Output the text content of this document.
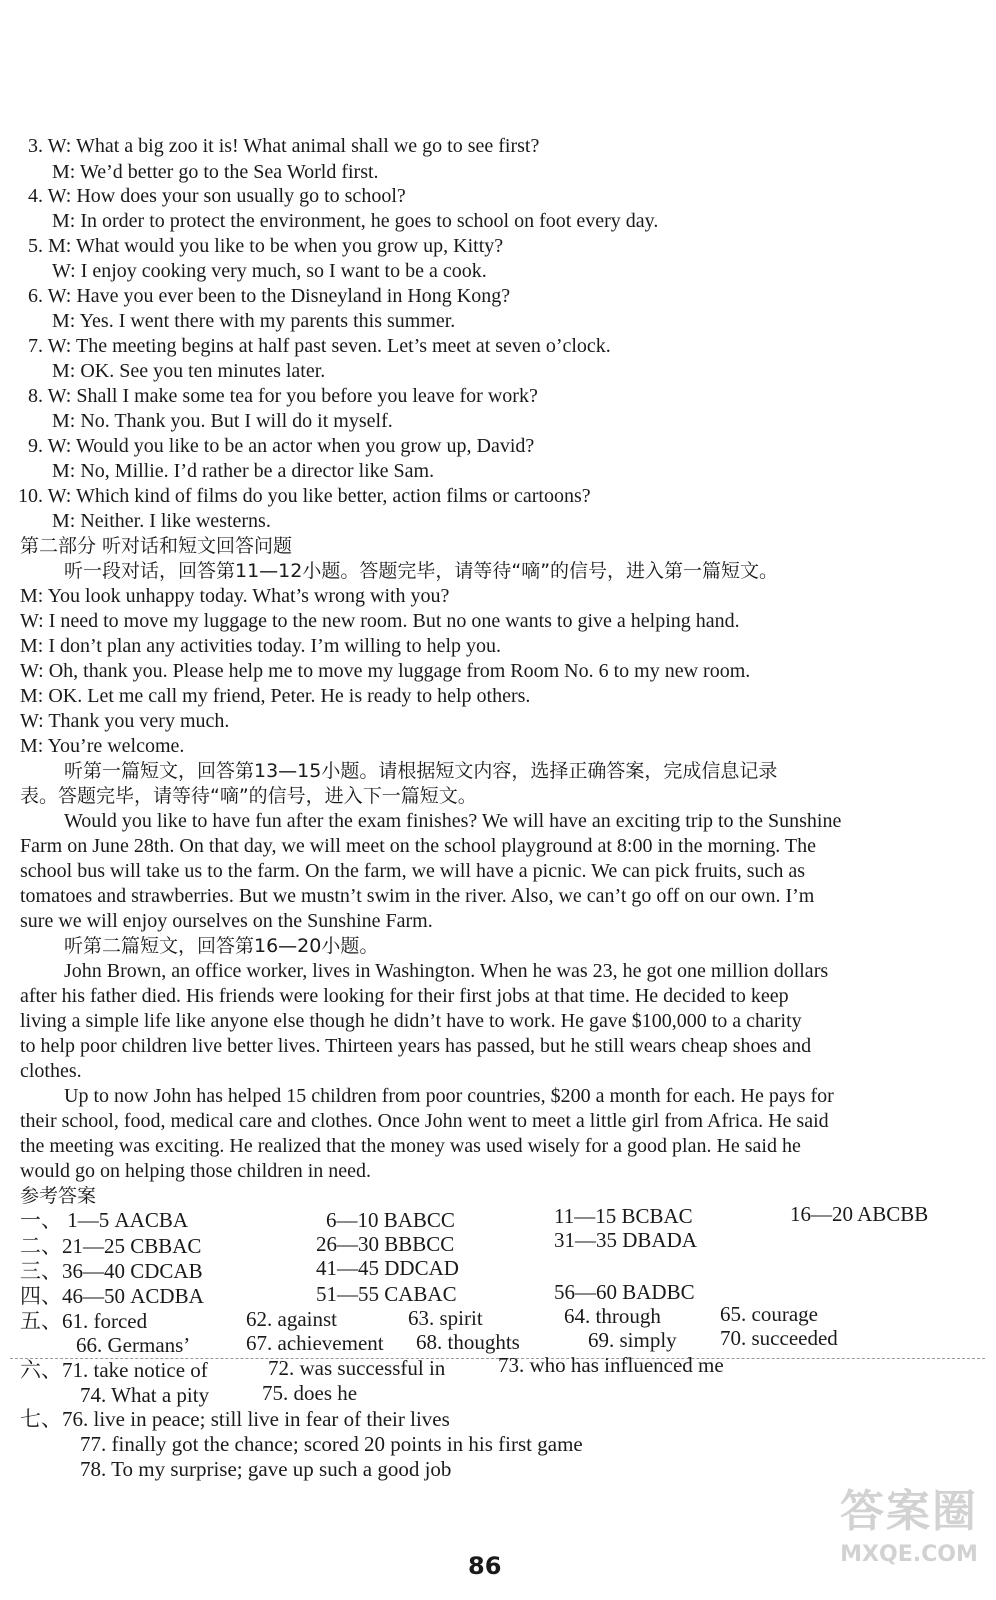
3. W: What a big zoo it is! What animal shall we go to see first?
M: We’d better go to the Sea World first.
4. W: How does your son usually go to school?
M: In order to protect the environment, he goes to school on foot every day.
5. M: What would you like to be when you grow up, Kitty?
W: I enjoy cooking very much, so I want to be a cook.
6. W: Have you ever been to the Disneyland in Hong Kong?
M: Yes. I went there with my parents this summer.
7. W: The meeting begins at half past seven. Let’s meet at seven o’clock.
M: OK. See you ten minutes later.
8. W: Shall I make some tea for you before you leave for work?
M: No. Thank you. But I will do it myself.
9. W: Would you like to be an actor when you grow up, David?
M: No, Millie. I’d rather be a director like Sam.
10. W: Which kind of films do you like better, action films or cartoons?
M: Neither. I like westerns.
第二部分 听对话和短文回答问题
听一段对话，回答第11—12小题。答题完毕，请等待“嘀”的信号，进入第一篇短文。
M: You look unhappy today. What’s wrong with you?
W: I need to move my luggage to the new room. But no one wants to give a helping hand.
M: I don’t plan any activities today. I’m willing to help you.
W: Oh, thank you. Please help me to move my luggage from Room No. 6 to my new room.
M: OK. Let me call my friend, Peter. He is ready to help others.
W: Thank you very much.
M: You’re welcome.
听第一篇短文，回答第13—15小题。请根据短文内容，选择正确答案，完成信息记录
表。答题完毕，请等待“嘀”的信号，进入下一篇短文。
Would you like to have fun after the exam finishes? We will have an exciting trip to the Sunshine
Farm on June 28th. On that day, we will meet on the school playground at 8:00 in the morning. The
school bus will take us to the farm. On the farm, we will have a picnic. We can pick fruits, such as
tomatoes and strawberries. But we mustn’t swim in the river. Also, we can’t go off on our own. I’m
sure we will enjoy ourselves on the Sunshine Farm.
听第二篇短文，回答第16—20小题。
John Brown, an office worker, lives in Washington. When he was 23, he got one million dollars
after his father died. His friends were looking for their first jobs at that time. He decided to keep
living a simple life like anyone else though he didn’t have to work. He gave $100,000 to a charity
to help poor children live better lives. Thirteen years has passed, but he still wears cheap shoes and
clothes.
Up to now John has helped 15 children from poor countries, $200 a month for each. He pays for
their school, food, medical care and clothes. Once John went to meet a little girl from Africa. He said
the meeting was exciting. He realized that the money was used wisely for a good plan. He said he
would go on helping those children in need.
参考答案
一、 1—5 AACBA	6—10 BABCC	11—15 BCBAC	16—20 ABCBB
二、21—25 CBBAC	26—30 BBBCC	31—35 DBADA
三、36—40 CDCAB	41—45 DDCAD
四、46—50 ACDBA	51—55 CABAC	56—60 BADBC
五、61. forced	62. against	63. spirit	64. through	65. courage
66. Germans’	67. achievement 68. thoughts	69. simply 70. succeeded
六、71. take notice of	72. was successful in	73. who has influenced me
74. What a pity	75. does he
七、76. live in peace; still live in fear of their lives
77. finally got the chance; scored 20 points in his first game
78. To my surprise; gave up such a good job
86
答案圈
MXQE.COM
